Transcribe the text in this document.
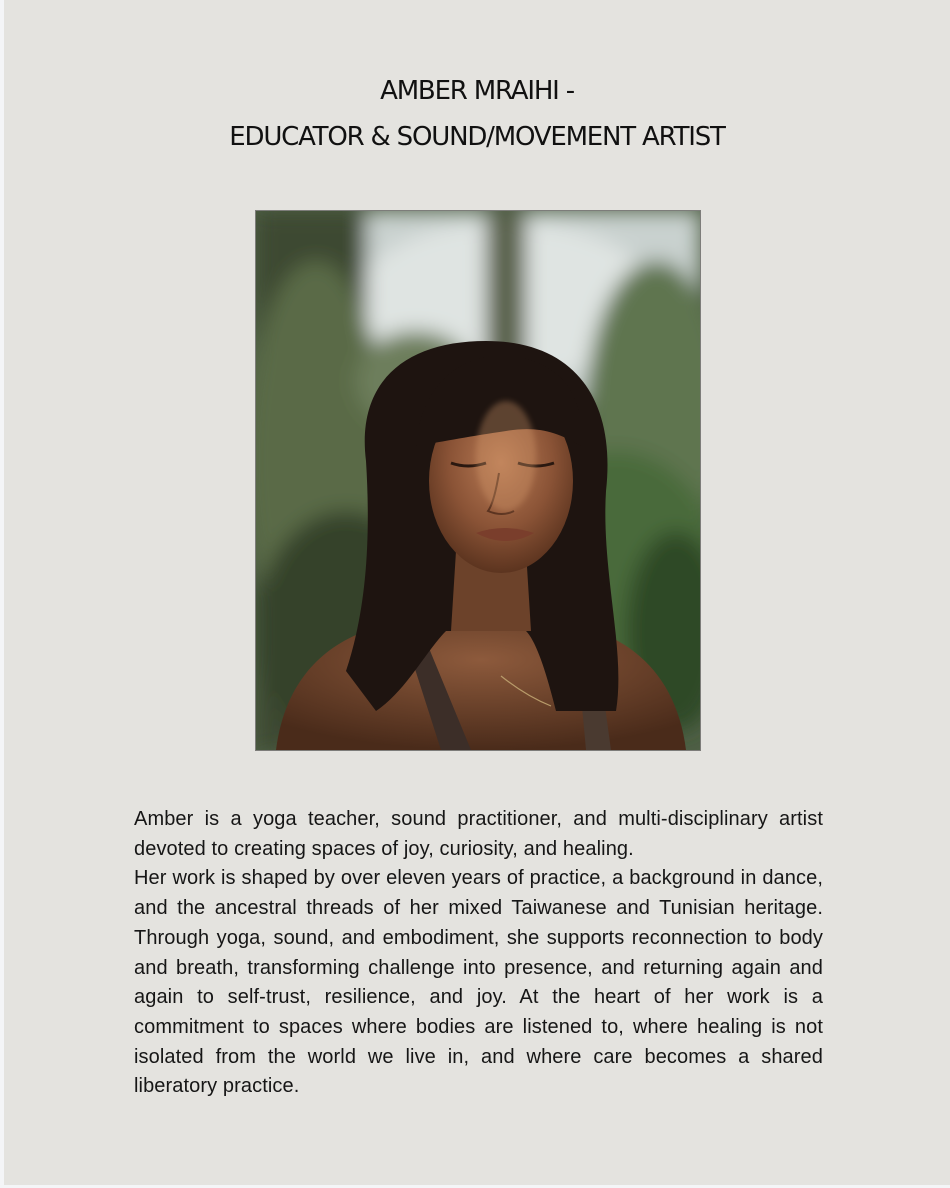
AMBER MRAIHI -
EDUCATOR & SOUND/MOVEMENT ARTIST

Amber is a yoga teacher, sound practitioner, and multi-disciplinary artist devoted to creating spaces of joy, curiosity, and healing.

Her work is shaped by over eleven years of practice, a background in dance, and the ancestral threads of her mixed Taiwanese and Tunisian heritage. Through yoga, sound, and embodiment, she supports reconnection to body and breath, transforming challenge into presence, and returning again and again to self-trust, resilience, and joy. At the heart of her work is a commitment to spaces where bodies are listened to, where healing is not isolated from the world we live in, and where care becomes a shared liberatory practice.
